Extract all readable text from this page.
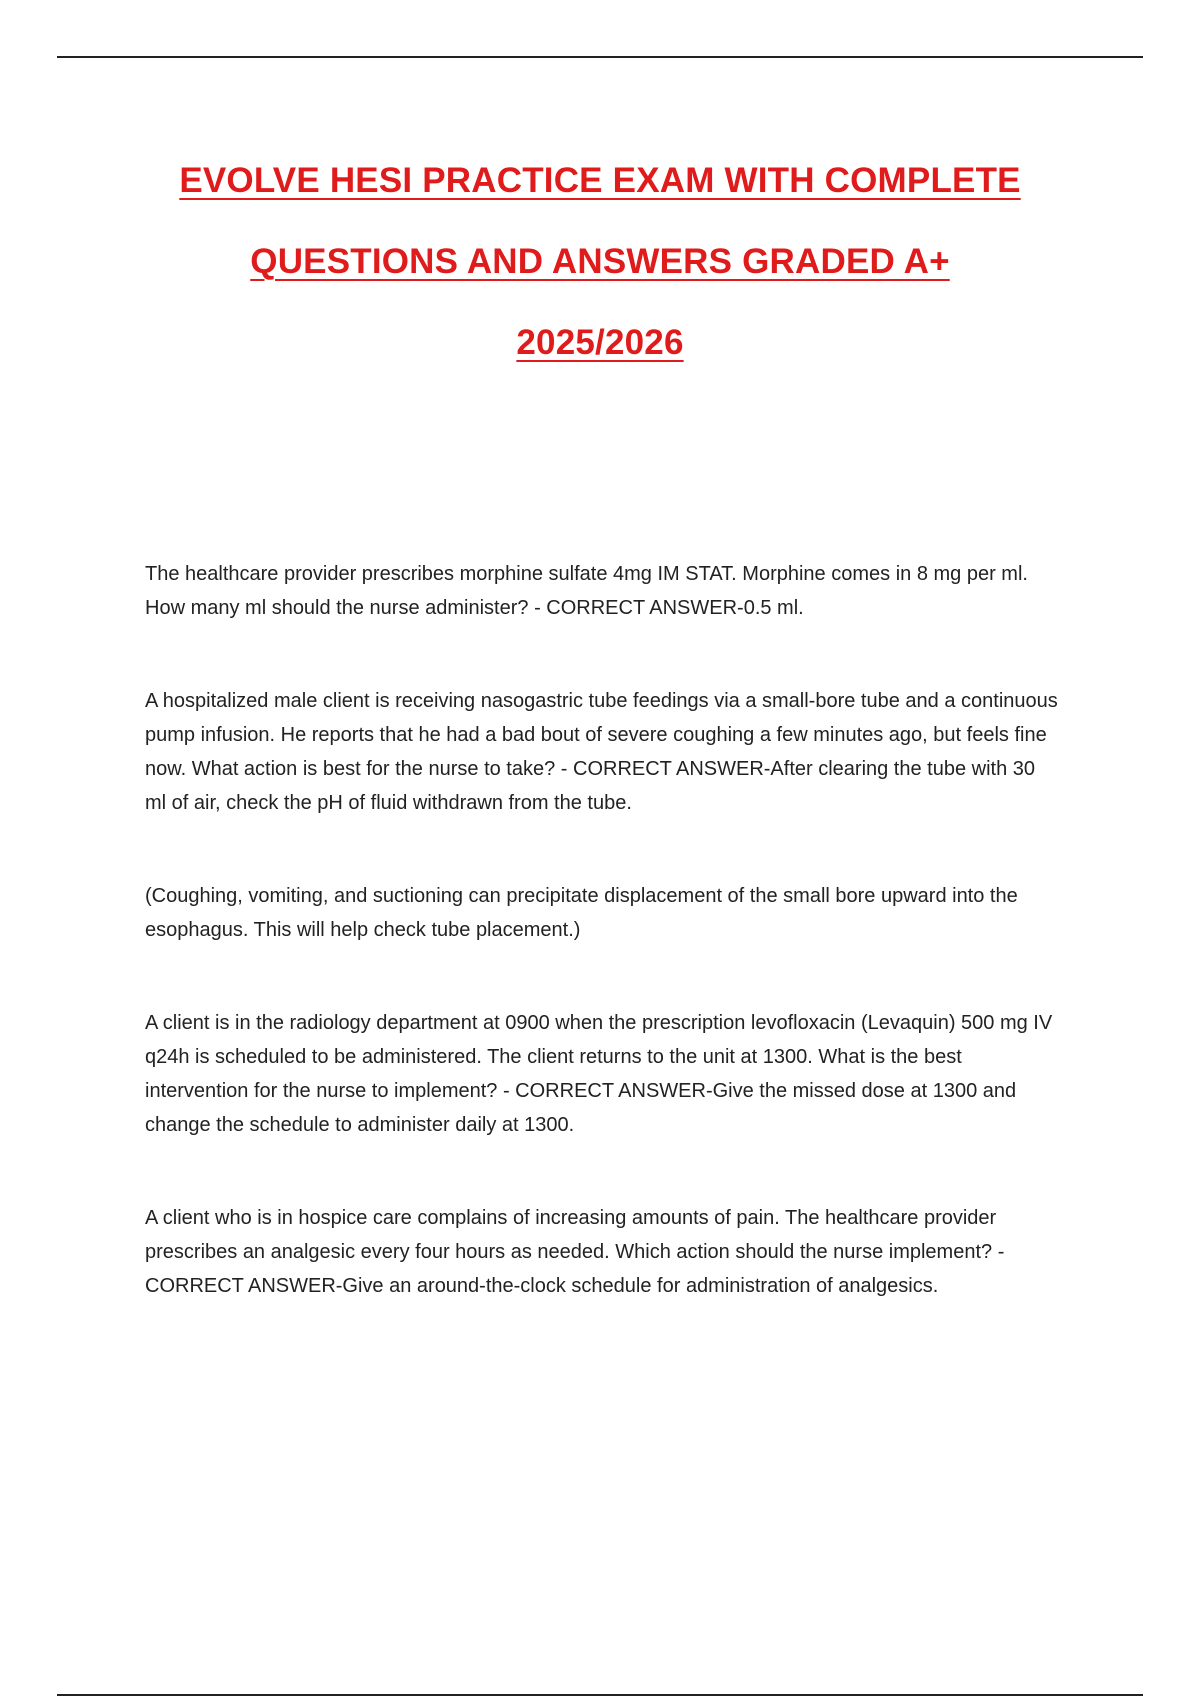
EVOLVE HESI PRACTICE EXAM WITH COMPLETE
QUESTIONS AND ANSWERS GRADED A+
2025/2026

The healthcare provider prescribes morphine sulfate 4mg IM STAT. Morphine comes in 8 mg per ml. How many ml should the nurse administer? - CORRECT ANSWER-0.5 ml.

A hospitalized male client is receiving nasogastric tube feedings via a small-bore tube and a continuous pump infusion. He reports that he had a bad bout of severe coughing a few minutes ago, but feels fine now. What action is best for the nurse to take? - CORRECT ANSWER-After clearing the tube with 30 ml of air, check the pH of fluid withdrawn from the tube.

(Coughing, vomiting, and suctioning can precipitate displacement of the small bore upward into the esophagus. This will help check tube placement.)

A client is in the radiology department at 0900 when the prescription levofloxacin (Levaquin) 500 mg IV q24h is scheduled to be administered. The client returns to the unit at 1300. What is the best intervention for the nurse to implement? - CORRECT ANSWER-Give the missed dose at 1300 and change the schedule to administer daily at 1300.

A client who is in hospice care complains of increasing amounts of pain. The healthcare provider prescribes an analgesic every four hours as needed. Which action should the nurse implement? - CORRECT ANSWER-Give an around-the-clock schedule for administration of analgesics.
